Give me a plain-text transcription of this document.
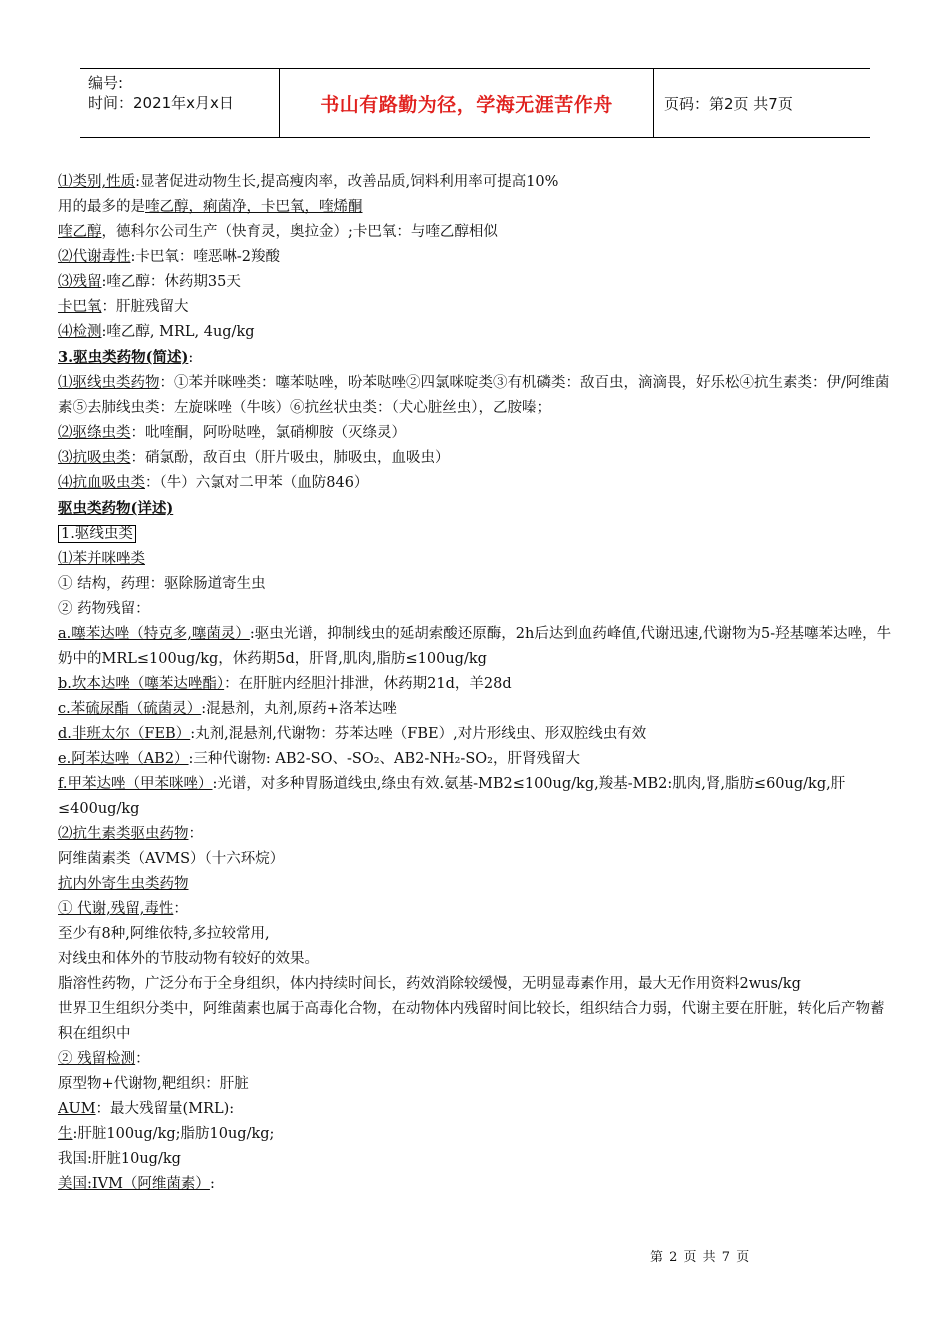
编号:
时间：2021年x月x日	书山有路勤为径，学海无涯苦作舟	页码：第2页 共7页

⑴类别,性质:显著促进动物生长,提高瘦肉率，改善品质,饲料利用率可提高10%

用的最多的是喹乙醇，痢菌净，卡巴氧，喹烯酮

喹乙醇，德科尔公司生产（快育灵，奥拉金）;卡巴氧：与喹乙醇相似

⑵代谢毒性:卡巴氧：喹恶啉-2羧酸

⑶残留:喹乙醇：休药期35天

卡巴氧：肝脏残留大

⑷检测:喹乙醇, MRL, 4ug/kg

3.驱虫类药物(简述):

⑴驱线虫类药物：①苯并咪唑类：噻苯哒唑，吩苯哒唑②四氯咪啶类③有机磷类：敌百虫，滴滴畏，好乐松④抗生素类：伊/阿维菌素⑤去肺线虫类：左旋咪唑（牛咳）⑥抗丝状虫类：（犬心脏丝虫），乙胺嗪；

⑵驱绦虫类：吡喹酮，阿吩哒唑，氯硝柳胺（灭绦灵）

⑶抗吸虫类：硝氯酚，敌百虫（肝片吸虫，肺吸虫，血吸虫）

⑷抗血吸虫类：（牛）六氯对二甲苯（血防846）

驱虫类药物(详述)

1.驱线虫类

⑴苯并咪唑类

① 结构，药理：驱除肠道寄生虫

② 药物残留：

a.噻苯达唑（特克多,噻菌灵）:驱虫光谱，抑制线虫的延胡索酸还原酶，2h后达到血药峰值,代谢迅速,代谢物为5-羟基噻苯达唑，牛奶中的MRL≤100ug/kg，休药期5d，肝肾,肌肉,脂肪≤100ug/kg

b.坎本达唑（噻苯达唑酯）：在肝脏内经胆汁排泄，休药期21d，羊28d

c.苯硫尿酯（硫菌灵）:混悬剂，丸剂,原药+洛苯达唑

d.非班太尔（FEB）:丸剂,混悬剂,代谢物：芬苯达唑（FBE）,对片形线虫、形双腔线虫有效

e.阿苯达唑（AB2）:三种代谢物: AB2-SO、-SO₂、AB2-NH₂-SO₂，肝肾残留大

f.甲苯达唑（甲苯咪唑）:光谱，对多种胃肠道线虫,绦虫有效.氨基-MB2≤100ug/kg,羧基-MB2:肌肉,肾,脂肪≤60ug/kg,肝≤400ug/kg

⑵抗生素类驱虫药物：

阿维菌素类（AVMS）（十六环烷）

抗内外寄生虫类药物

① 代谢,残留,毒性：

至少有8种,阿维依特,多拉较常用,

对线虫和体外的节肢动物有较好的效果。

脂溶性药物，广泛分布于全身组织，体内持续时间长，药效消除较缓慢，无明显毒素作用，最大无作用资料2wus/kg

世界卫生组织分类中，阿维菌素也属于高毒化合物，在动物体内残留时间比较长，组织结合力弱，代谢主要在肝脏，转化后产物蓄积在组织中

② 残留检测：

原型物+代谢物,靶组织：肝脏

AUM：最大残留量(MRL):

生:肝脏100ug/kg;脂肪10ug/kg;

我国:肝脏10ug/kg

美国:IVM（阿维菌素）:

第 2 页 共 7 页
